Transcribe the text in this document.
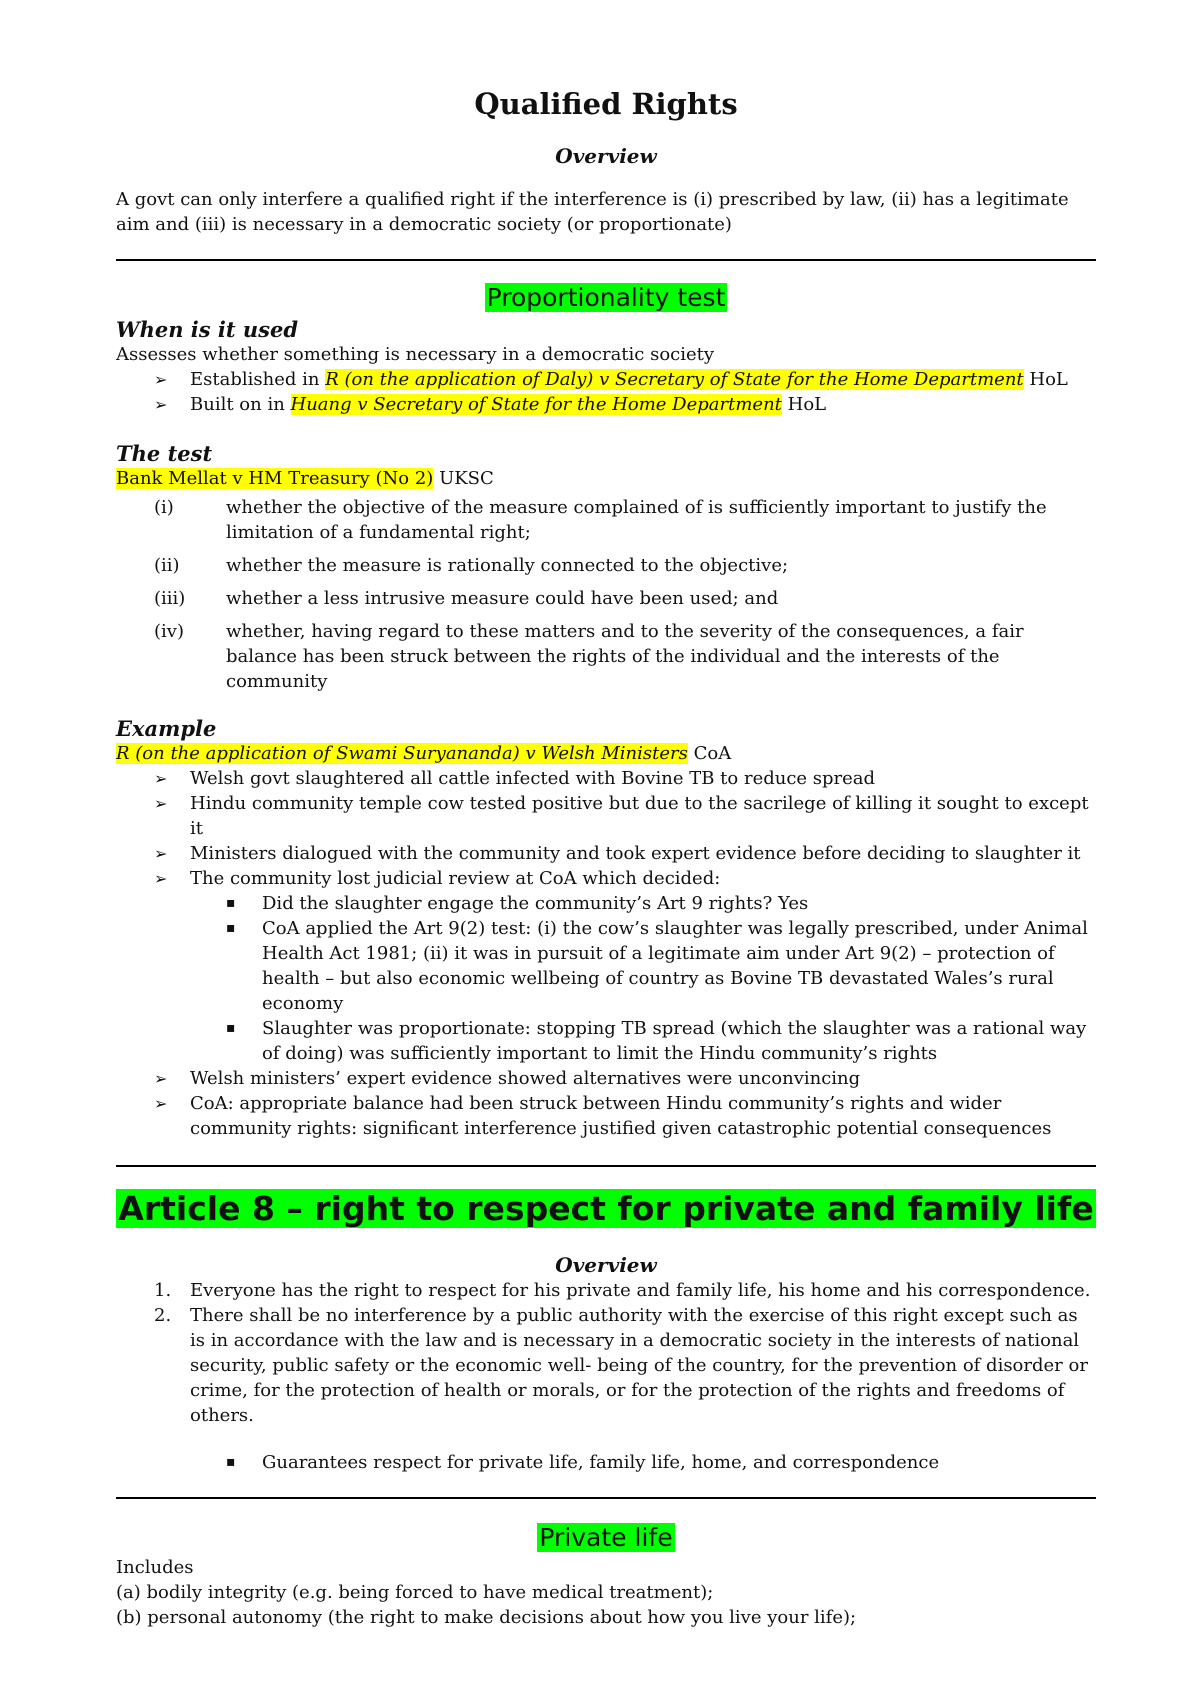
Qualified Rights
Overview

A govt can only interfere a qualified right if the interference is (i) prescribed by law, (ii) has a legitimate aim and (iii) is necessary in a democratic society (or proportionate)

Proportionality test
When is it used

Assesses whether something is necessary in a democratic society

➢ Established in R (on the application of Daly) v Secretary of State for the Home Department HoL
➢ Built on in Huang v Secretary of State for the Home Department HoL
The test

Bank Mellat v HM Treasury (No 2) UKSC

(i)	whether the objective of the measure complained of is sufficiently important to justify the limitation of a fundamental right;
(ii)	whether the measure is rationally connected to the objective;
(iii) whether a less intrusive measure could have been used; and
(iv) whether, having regard to these matters and to the severity of the consequences, a fair balance has been struck between the rights of the individual and the interests of the community
Example

R (on the application of Swami Suryananda) v Welsh Ministers CoA

➢ Welsh govt slaughtered all cattle infected with Bovine TB to reduce spread
➢ Hindu community temple cow tested positive but due to the sacrilege of killing it sought to except it
➢ Ministers dialogued with the community and took expert evidence before deciding to slaughter it
➢ The community lost judicial review at CoA which decided:
▪ Did the slaughter engage the community’s Art 9 rights? Yes
▪ CoA applied the Art 9(2) test: (i) the cow’s slaughter was legally prescribed, under Animal Health Act 1981; (ii) it was in pursuit of a legitimate aim under Art 9(2) – protection of health – but also economic wellbeing of country as Bovine TB devastated Wales’s rural economy
▪ Slaughter was proportionate: stopping TB spread (which the slaughter was a rational way of doing) was sufficiently important to limit the Hindu community’s rights
➢ Welsh ministers’ expert evidence showed alternatives were unconvincing
➢ CoA: appropriate balance had been struck between Hindu community’s rights and wider community rights: significant interference justified given catastrophic potential consequences
Article 8 – right to respect for private and family life
Overview
1. Everyone has the right to respect for his private and family life, his home and his correspondence.
2. There shall be no interference by a public authority with the exercise of this right except such as is in accordance with the law and is necessary in a democratic society in the interests of national security, public safety or the economic well- being of the country, for the prevention of disorder or crime, for the protection of health or morals, or for the protection of the rights and freedoms of others.
▪ Guarantees respect for private life, family life, home, and correspondence
Private life

Includes

(a) bodily integrity (e.g. being forced to have medical treatment);

(b) personal autonomy (the right to make decisions about how you live your life);
